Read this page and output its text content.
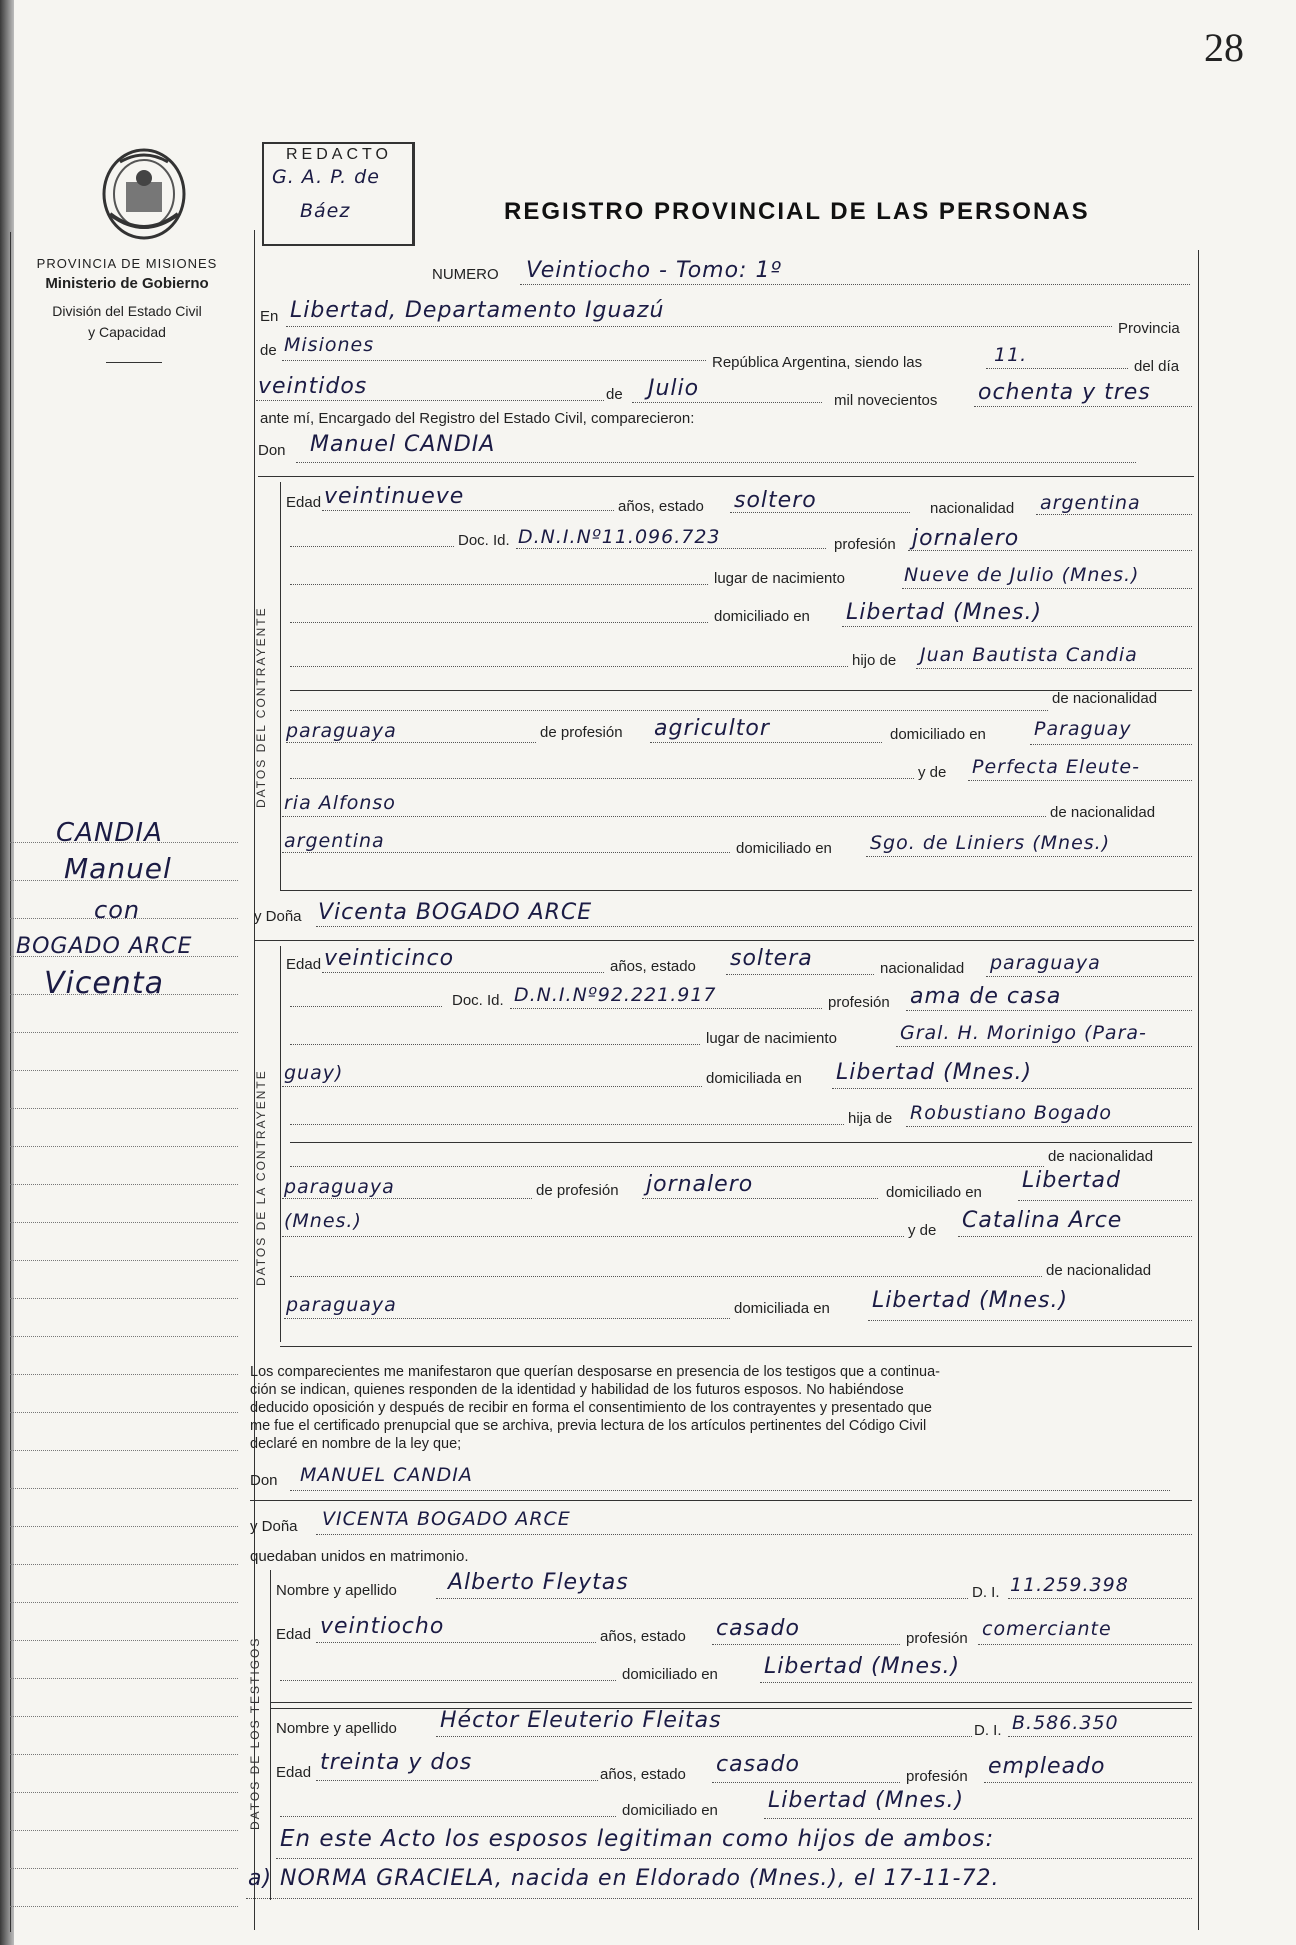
28
PROVINCIA DE MISIONES
Ministerio de Gobierno
División del Estado Civil
y Capacidad
REDACTO
G. A. P. de
Báez	REGISTRO PROVINCIAL DE LAS PERSONAS
CANDIA
Manuel
con
BOGADO ARCE
Vicenta
NUMERO Veintiocho - Tomo: 1º
En Libertad, Departamento Iguazú
Provincia
de Misiones
República Argentina, siendo las	11.
del día
veintidos	de Julio	mil novecientos ochenta y tres
ante mí, Encargado del Registro del Estado Civil, comparecieron:
Don Manuel CANDIA
DATOS DEL CONTRAYENTE
Edad veintinueve	años, estado soltero	nacionalidad argentina
Doc. Id. D.N.I.Nº11.096.723	profesión jornalero
lugar de nacimiento	Nueve de Julio (Mnes.)
domiciliado en Libertad (Mnes.)
hijo de Juan Bautista Candia
de nacionalidad
paraguaya	de profesión agricultor	domiciliado en	Paraguay
y de Perfecta Eleute-
ria Alfonso	de nacionalidad
argentina	domiciliado en Sgo. de Liniers (Mnes.)
y Doña Vicenta BOGADO ARCE
DATOS DE LA CONTRAYENTE
Edad veinticinco	años, estado soltera	nacionalidad paraguaya
Doc. Id. D.N.I.Nº92.221.917	profesión ama de casa
lugar de nacimiento	Gral. H. Morinigo (Para-
guay)	domiciliada en Libertad (Mnes.)
hija de Robustiano Bogado
de nacionalidad
paraguaya	de profesión jornalero	domiciliado en Libertad
(Mnes.)	y de Catalina Arce
de nacionalidad
paraguaya	domiciliada en Libertad (Mnes.)
Los comparecientes me manifestaron que querían desposarse en presencia de los testigos que a continua-
ción se indican, quienes responden de la identidad y habilidad de los futuros esposos. No habiéndose
deducido oposición y después de recibir en forma el consentimiento de los contrayentes y presentado que
me fue el certificado prenupcial que se archiva, previa lectura de los artículos pertinentes del Código Civil
declaré en nombre de la ley que;
Don MANUEL CANDIA
y Doña VICENTA BOGADO ARCE
quedaban unidos en matrimonio.
DATOS DE LOS TESTIGOS
Nombre y apellido Alberto Fleytas	D. I. 11.259.398
Edad veintiocho	años, estado casado	profesión comerciante
domiciliado en Libertad (Mnes.)
Nombre y apellido Héctor Eleuterio Fleitas	D. I. B.586.350
Edad treinta y dos	años, estado casado	profesión empleado
domiciliado en Libertad (Mnes.)
En este Acto los esposos legitiman como hijos de ambos:
a) NORMA GRACIELA, nacida en Eldorado (Mnes.), el 17-11-72.
